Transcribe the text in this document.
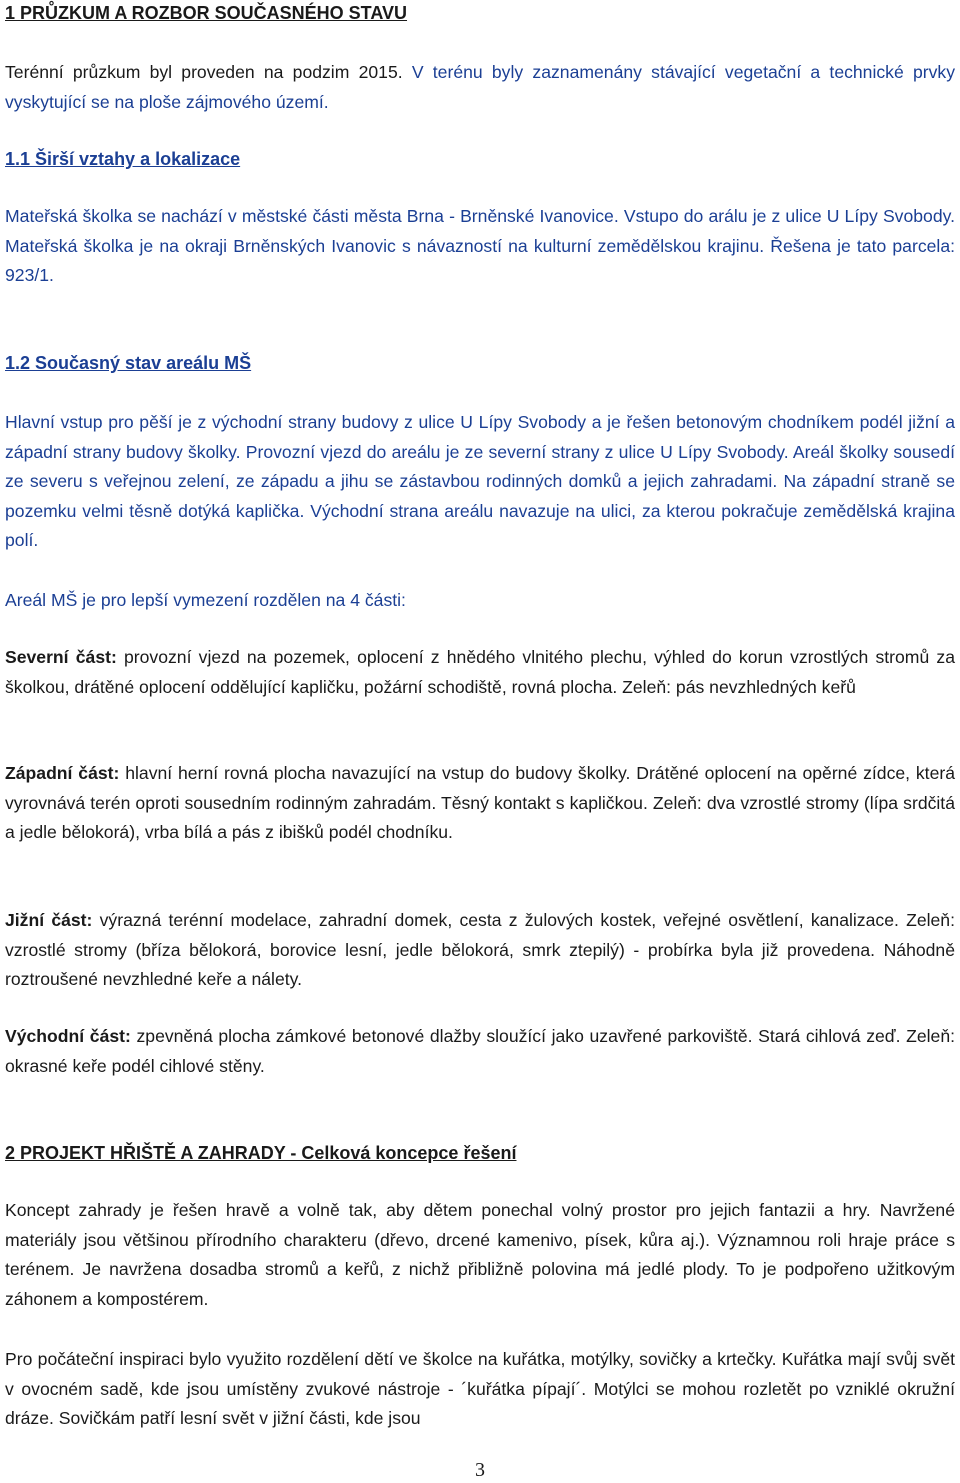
1 PRŮZKUM A ROZBOR SOUČASNÉHO STAVU

Terénní průzkum byl proveden na podzim 2015. V terénu byly zaznamenány stávající vegetační a technické prvky vyskytující se na ploše zájmového území.

1.1 Širší vztahy a lokalizace

Mateřská školka se nachází v městské části města Brna - Brněnské Ivanovice. Vstupo do arálu je z ulice U Lípy Svobody. Mateřská školka je na okraji Brněnských Ivanovic s návazností na kulturní zemědělskou krajinu. Řešena je tato parcela: 923/1.

1.2 Současný stav areálu MŠ

Hlavní vstup pro pěší je z východní strany budovy z ulice U Lípy Svobody a je řešen betonovým chodníkem podél jižní a západní strany budovy školky. Provozní vjezd do areálu je ze severní strany z ulice U Lípy Svobody. Areál školky sousedí ze severu s veřejnou zelení, ze západu a jihu se zástavbou rodinných domků a jejich zahradami. Na západní straně se pozemku velmi těsně dotýká kaplička. Východní strana areálu navazuje na ulici, za kterou pokračuje zemědělská krajina polí.

Areál MŠ je pro lepší vymezení rozdělen na 4 části:

Severní část: provozní vjezd na pozemek, oplocení z hnědého vlnitého plechu, výhled do korun vzrostlých stromů za školkou, drátěné oplocení oddělující kapličku, požární schodiště, rovná plocha. Zeleň: pás nevzhledných keřů

Západní část: hlavní herní rovná plocha navazující na vstup do budovy školky. Drátěné oplocení na opěrné zídce, která vyrovnává terén oproti sousedním rodinným zahradám. Těsný kontakt s kapličkou. Zeleň: dva vzrostlé stromy (lípa srdčitá a jedle bělokorá), vrba bílá a pás z ibišků podél chodníku.

Jižní část: výrazná terénní modelace, zahradní domek, cesta z žulových kostek, veřejné osvětlení, kanalizace. Zeleň: vzrostlé stromy (bříza bělokorá, borovice lesní, jedle bělokorá, smrk ztepilý) - probírka byla již provedena. Náhodně roztroušené nevzhledné keře a nálety.

Východní část: zpevněná plocha zámkové betonové dlažby sloužící jako uzavřené parkoviště. Stará cihlová zeď. Zeleň: okrasné keře podél cihlové stěny.

2 PROJEKT HŘIŠTĚ A ZAHRADY - Celková koncepce řešení

Koncept zahrady je řešen hravě a volně tak, aby dětem ponechal volný prostor pro jejich fantazii a hry. Navržené materiály jsou většinou přírodního charakteru (dřevo, drcené kamenivo, písek, kůra aj.). Významnou roli hraje práce s terénem. Je navržena dosadba stromů a keřů, z nichž přibližně polovina má jedlé plody. To je podpořeno užitkovým záhonem a kompostérem.

Pro počáteční inspiraci bylo využito rozdělení dětí ve školce na kuřátka, motýlky, sovičky a krtečky. Kuřátka mají svůj svět v ovocném sadě, kde jsou umístěny zvukové nástroje - ´kuřátka pípají´. Motýlci se mohou rozletět po vzniklé okružní dráze. Sovičkám patří lesní svět v jižní části, kde jsou

3
